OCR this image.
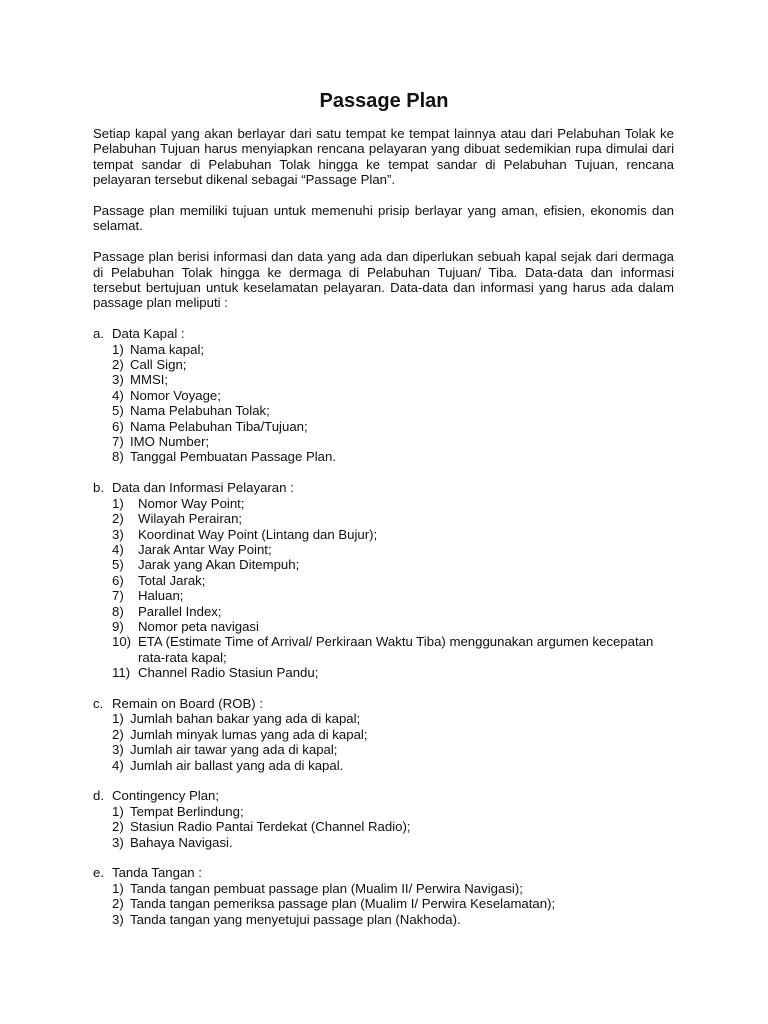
Passage Plan

Setiap kapal yang akan berlayar dari satu tempat ke tempat lainnya atau dari Pelabuhan Tolak ke Pelabuhan Tujuan harus menyiapkan rencana pelayaran yang dibuat sedemikian rupa dimulai dari tempat sandar di Pelabuhan Tolak hingga ke tempat sandar di Pelabuhan Tujuan, rencana pelayaran tersebut dikenal sebagai “Passage Plan”.

Passage plan memiliki tujuan untuk memenuhi prisip berlayar yang aman, efisien, ekonomis dan selamat.

Passage plan berisi informasi dan data yang ada dan diperlukan sebuah kapal sejak dari dermaga di Pelabuhan Tolak hingga ke dermaga di Pelabuhan Tujuan/ Tiba. Data-data dan informasi tersebut bertujuan untuk keselamatan pelayaran. Data-data dan informasi yang harus ada dalam passage plan meliputi :

a. Data Kapal :
1) Nama kapal;
2) Call Sign;
3) MMSI;
4) Nomor Voyage;
5) Nama Pelabuhan Tolak;
6) Nama Pelabuhan Tiba/Tujuan;
7) IMO Number;
8) Tanggal Pembuatan Passage Plan.
b. Data dan Informasi Pelayaran :
1) Nomor Way Point;
2) Wilayah Perairan;
3) Koordinat Way Point (Lintang dan Bujur);
4) Jarak Antar Way Point;
5) Jarak yang Akan Ditempuh;
6) Total Jarak;
7) Haluan;
8) Parallel Index;
9) Nomor peta navigasi
10) ETA (Estimate Time of Arrival/ Perkiraan Waktu Tiba) menggunakan argumen kecepatan rata-rata kapal;
11) Channel Radio Stasiun Pandu;
c. Remain on Board (ROB) :
1) Jumlah bahan bakar yang ada di kapal;
2) Jumlah minyak lumas yang ada di kapal;
3) Jumlah air tawar yang ada di kapal;
4) Jumlah air ballast yang ada di kapal.
d. Contingency Plan;
1) Tempat Berlindung;
2) Stasiun Radio Pantai Terdekat (Channel Radio);
3) Bahaya Navigasi.
e. Tanda Tangan :
1) Tanda tangan pembuat passage plan (Mualim II/ Perwira Navigasi);
2) Tanda tangan pemeriksa passage plan (Mualim I/ Perwira Keselamatan);
3) Tanda tangan yang menyetujui passage plan (Nakhoda).
